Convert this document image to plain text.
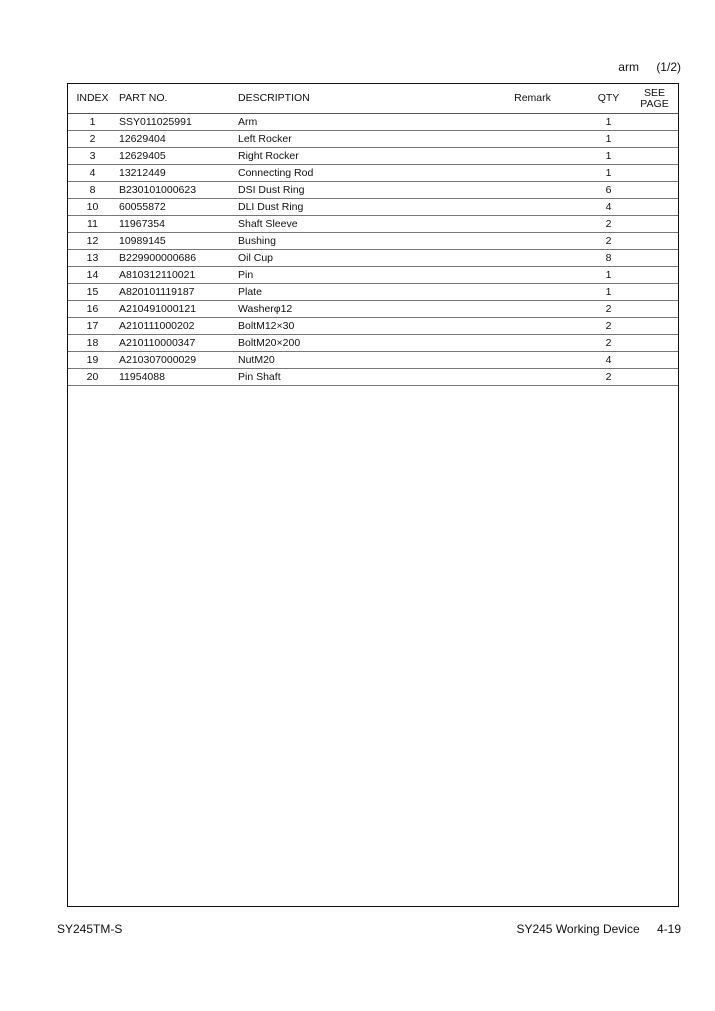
arm (1/2)
INDEX	PART NO.	DESCRIPTION	Remark	QTY	SEE
PAGE
1	SSY011025991	Arm		1	
2	12629404	Left Rocker		1	
3	12629405	Right Rocker		1	
4	13212449	Connecting Rod		1	
8	B230101000623	DSI Dust Ring		6	
10	60055872	DLI Dust Ring		4	
11	11967354	Shaft Sleeve		2	
12	10989145	Bushing		2	
13	B229900000686	Oil Cup		8	
14	A810312110021	Pin		1	
15	A820101119187	Plate		1	
16	A210491000121	Washerφ12		2	
17	A210111000202	BoltM12×30		2	
18	A210110000347	BoltM20×200		2	
19	A210307000029	NutM20		4	
20	11954088	Pin Shaft		2	
SY245TM-S	SY245 Working Device 4-19
